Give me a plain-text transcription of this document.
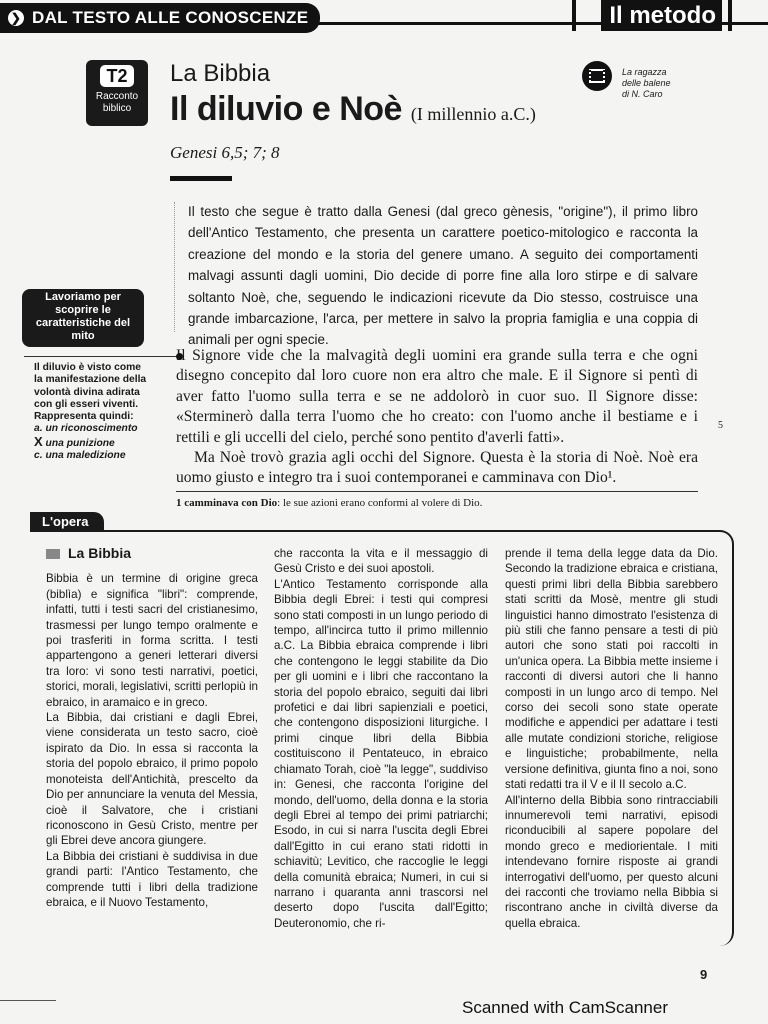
❯ DAL TESTO ALLE CONOSCENZE	Il metodo
T2
Racconto biblico
La Bibbia
Il diluvio e Noè (I millennio a.C.)
Genesi 6,5; 7; 8
La ragazza
delle balene
di N. Caro
Il testo che segue è tratto dalla Genesi (dal greco gènesis, "origine"), il primo libro dell'Antico Testamento, che presenta un carattere poetico-mitologico e racconta la creazione del mondo e la storia del genere umano. A seguito dei comportamenti malvagi assunti dagli uomini, Dio decide di porre fine alla loro stirpe e di salvare soltanto Noè, che, seguendo le indicazioni ricevute da Dio stesso, costruisce una grande imbarcazione, l'arca, per mettere in salvo la propria famiglia e una coppia di animali per ogni specie.
Lavoriamo per scoprire le caratteristiche del mito
Il diluvio è visto come la manifestazione della volontà divina adirata con gli esseri viventi. Rappresenta quindi:
a. un riconoscimento
X una punizione
c. una maledizione

Il Signore vide che la malvagità degli uomini era grande sulla terra e che ogni disegno concepito dal loro cuore non era altro che male. E il Signore si pentì di aver fatto l'uomo sulla terra e se ne addolorò in cuor suo. Il Signore disse: «Sterminerò dalla terra l'uomo che ho creato: con l'uomo anche il bestiame e i rettili e gli uccelli del cielo, perché sono pentito d'averli fatti».

Ma Noè trovò grazia agli occhi del Signore. Questa è la storia di Noè. Noè era uomo giusto e integro tra i suoi contemporanei e camminava con Dio¹.

5
1 camminava con Dio: le sue azioni erano conformi al volere di Dio.
L'opera
La Bibbia

Bibbia è un termine di origine greca (biblìa) e significa "libri": comprende, infatti, tutti i testi sacri del cristianesimo, trasmessi per lungo tempo oralmente e poi trasferiti in forma scritta. I testi appartengono a generi letterari diversi tra loro: vi sono testi narrativi, poetici, storici, morali, legislativi, scritti perlopiù in ebraico, in aramaico e in greco.

La Bibbia, dai cristiani e dagli Ebrei, viene considerata un testo sacro, cioè ispirato da Dio. In essa si racconta la storia del popolo ebraico, il primo popolo monoteista dell'Antichità, prescelto da Dio per annunciare la venuta del Messia, cioè il Salvatore, che i cristiani riconoscono in Gesù Cristo, mentre per gli Ebrei deve ancora giungere.

La Bibbia dei cristiani è suddivisa in due grandi parti: l'Antico Testamento, che comprende tutti i libri della tradizione ebraica, e il Nuovo Testamento,

che racconta la vita e il messaggio di Gesù Cristo e dei suoi apostoli.

L'Antico Testamento corrisponde alla Bibbia degli Ebrei: i testi qui compresi sono stati composti in un lungo periodo di tempo, all'incirca tutto il primo millennio a.C. La Bibbia ebraica comprende i libri che contengono le leggi stabilite da Dio per gli uomini e i libri che raccontano la storia del popolo ebraico, seguiti dai libri profetici e dai libri sapienziali e poetici, che contengono disposizioni liturgiche. I primi cinque libri della Bibbia costituiscono il Pentateuco, in ebraico chiamato Torah, cioè "la legge", suddiviso in: Genesi, che racconta l'origine del mondo, dell'uomo, della donna e la storia degli Ebrei al tempo dei primi patriarchi; Esodo, in cui si narra l'uscita degli Ebrei dall'Egitto in cui erano stati ridotti in schiavitù; Levitico, che raccoglie le leggi della comunità ebraica; Numeri, in cui si narrano i quaranta anni trascorsi nel deserto dopo l'uscita dall'Egitto; Deuteronomio, che ri-

prende il tema della legge data da Dio. Secondo la tradizione ebraica e cristiana, questi primi libri della Bibbia sarebbero stati scritti da Mosè, mentre gli studi linguistici hanno dimostrato l'esistenza di più stili che fanno pensare a testi di più autori che sono stati poi raccolti in un'unica opera. La Bibbia mette insieme i racconti di diversi autori che li hanno composti in un lungo arco di tempo. Nel corso dei secoli sono state operate modifiche e appendici per adattare i testi alle mutate condizioni storiche, religiose e linguistiche; probabilmente, nella versione definitiva, giunta fino a noi, sono stati redatti tra il V e il II secolo a.C.

All'interno della Bibbia sono rintracciabili innumerevoli temi narrativi, episodi riconducibili al sapere popolare del mondo greco e mediorientale. I miti intendevano fornire risposte ai grandi interrogativi dell'uomo, per questo alcuni dei racconti che troviamo nella Bibbia si riscontrano anche in civiltà diverse da quella ebraica.

9
Scanned with CamScanner
